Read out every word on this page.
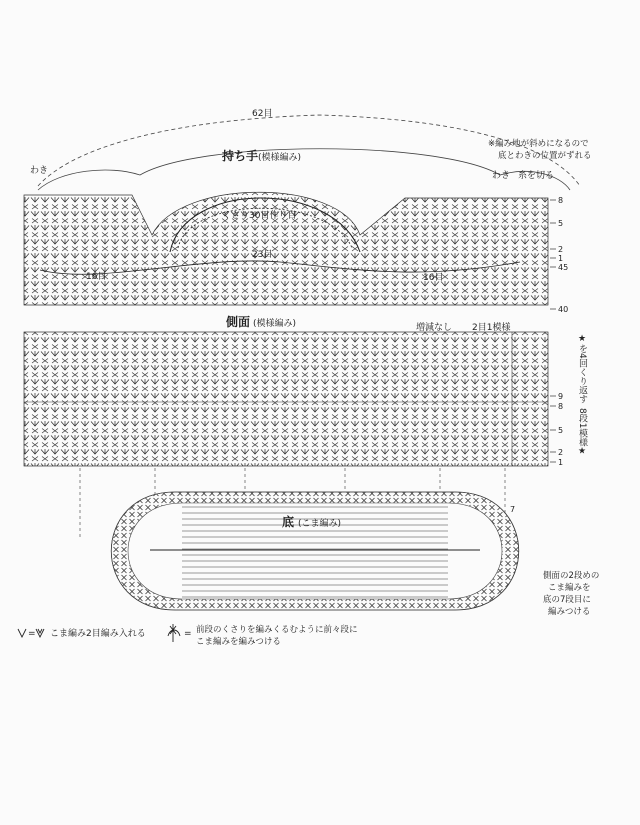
8
5
2
1
45
40
9
8
5
2
1
7
62目
持ち手 (模様編み)
くさり30目作り目
23目
16目	16目
わき	わき 糸を切る
※編み地が斜めになるので
底とわきの位置がずれる
側面 (模様編み)	増減なし 2目1模様
★を4回くり返す
8段1模様★
底 (こま編み)
側面の2段めの
こま編みを
底の7段目に
編みつける
= こま編み2目編み入れる	= 前段のくさりを編みくるむように前々段に
こま編みを編みつける
